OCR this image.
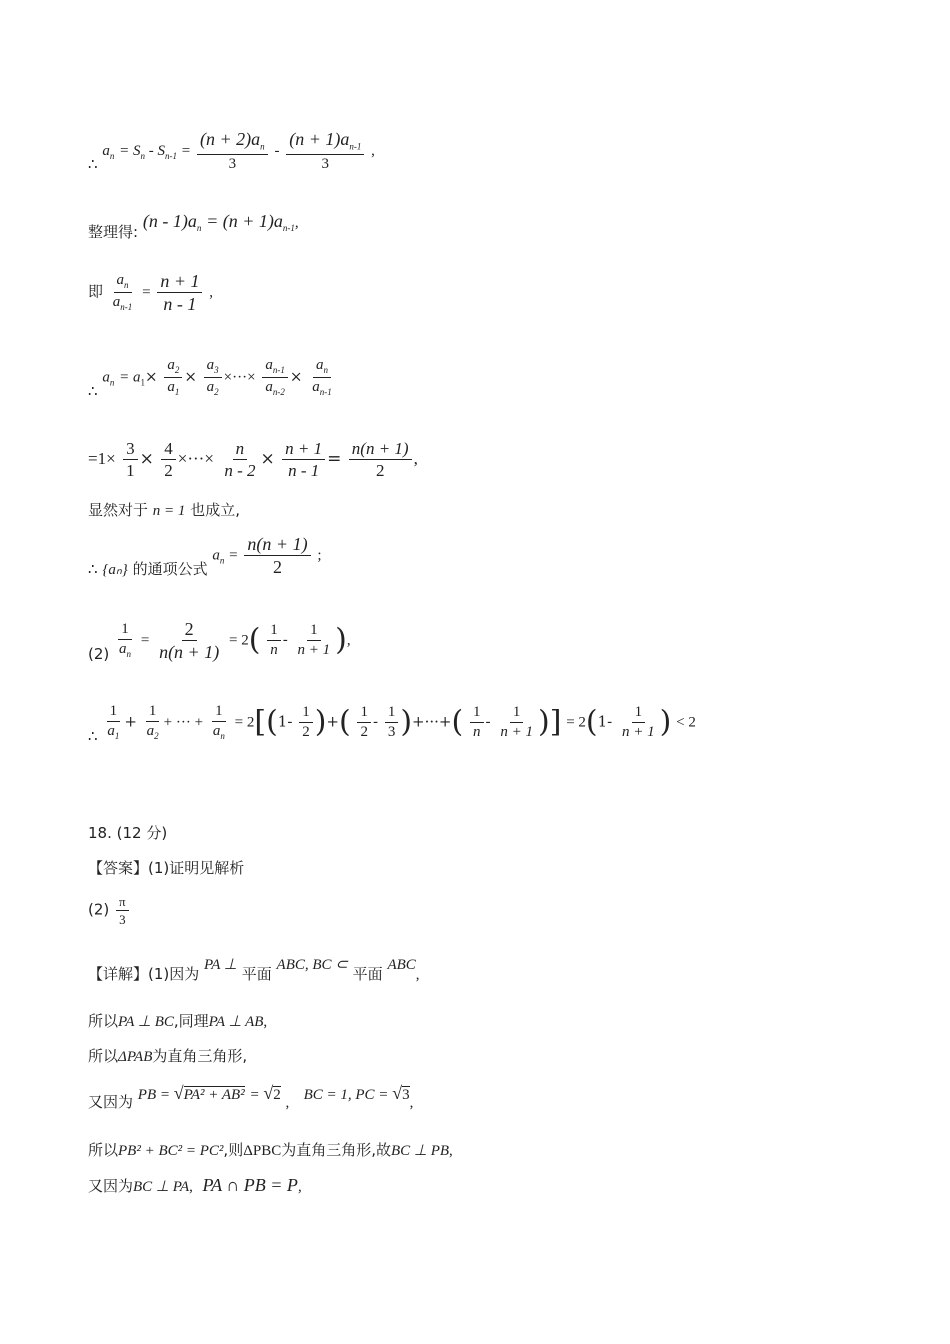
∴ $a_n = S_n - S_{n-1} = \frac{(n + 2)a_n}{3} - \frac{(n + 1)a_{n-1}}{3}$ ,
整理得: $(n - 1)a_n = (n + 1)a_{n-1}$,
即 $\frac{a_n}{a_{n-1}} = \frac{n + 1}{n - 1}$ ,
∴ $a_n = a_1\times \frac{a_2}{a_1} \times \frac{a_3}{a_2}$ ×···× $\frac{a_{n-1}}{a_{n-2}} \times \frac{a_n}{a_{n-1}}$
$=1\times \frac{3}{1} \times \frac{4}{2}$ ×···× $\frac{n}{n - 2} \times \frac{n + 1}{n - 1} = \frac{n(n + 1)}{2}$ ,
显然对于 n = 1 也成立,
∴ {aₙ} 的通项公式 $a_n = \frac{n(n + 1)}{2}$ ;
$(2) \frac{1}{a_n} = \frac{2}{n(n + 1)} = 2( \frac{1}{n} - \frac{1}{n + 1}$ ),
∴ $\frac{1}{a_1} + \frac{1}{a_2}$ + ··· + $\frac{1}{a_n} = 2[(1- \frac{1}{2}$ )+( $\frac{1}{2} - \frac{1}{3}$ )+···+( $\frac{1}{n} - \frac{1}{n + 1}$ )] = $2(1- \frac{1}{n + 1}$ ) < 2
18. (12 分)
【答案】(1)证明见解析
$(2) \frac{\pi}{3}$
【详解】(1)因为 PA ⊥ 平面 ABC, BC ⊂ 平面 ABC,
所以PA ⊥ BC,同理PA ⊥ AB,
所以ΔPAB为直角三角形,
又因为 PB = √PA² + AB² = √2 , BC = 1, PC = √3,
所以PB² + BC² = PC²,则ΔPBC为直角三角形,故BC ⊥ PB,
又因为BC ⊥ PA, PA ∩ PB = P,
